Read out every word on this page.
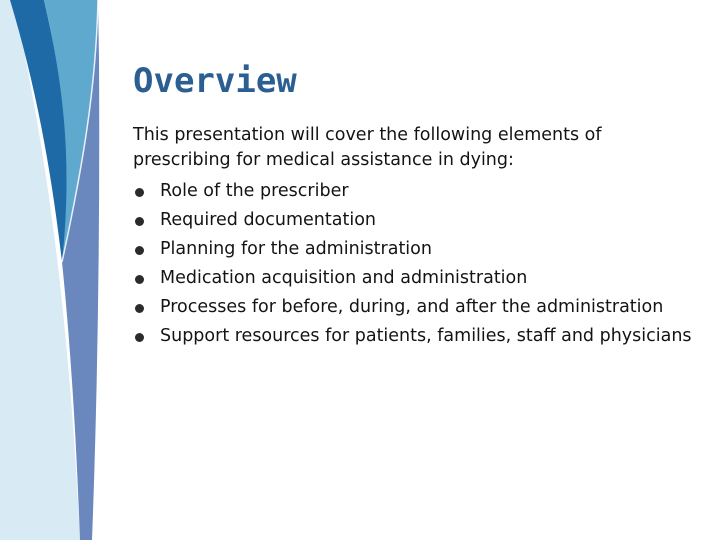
Overview

This presentation will cover the following elements of prescribing for medical assistance in dying:

Role of the prescriber
Required documentation
Planning for the administration
Medication acquisition and administration
Processes for before, during, and after the administration
Support resources for patients, families, staff and physicians
